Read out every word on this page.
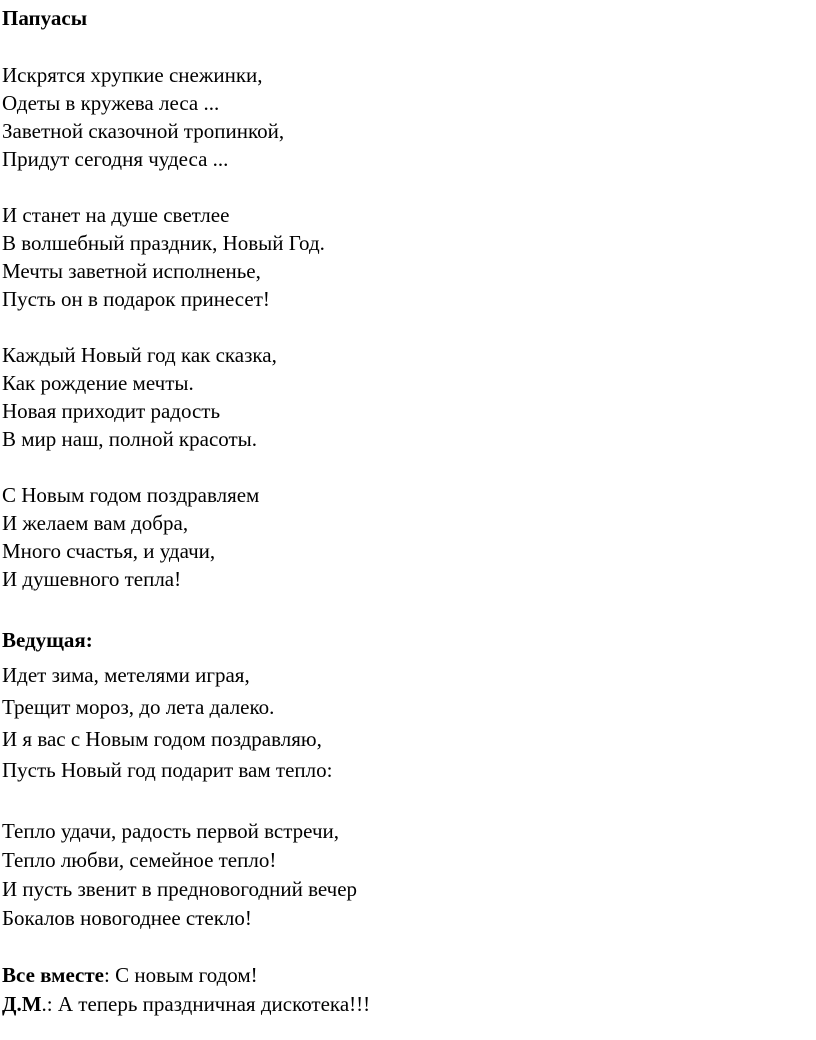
Папуасы
Искрятся хрупкие снежинки,
Одеты в кружева леса ...
Заветной сказочной тропинкой,
Придут сегодня чудеса ...
И станет на душе светлее
В волшебный праздник, Новый Год.
Мечты заветной исполненье,
Пусть он в подарок принесет!
Каждый Новый год как сказка,
Как рождение мечты.
Новая приходит радость
В мир наш, полной красоты.
С Новым годом поздравляем
И желаем вам добра,
Много счастья, и удачи,
И душевного тепла!
Ведущая:
Идет зима, метелями играя,
Трещит мороз, до лета далеко.
И я вас с Новым годом поздравляю,
Пусть Новый год подарит вам тепло:
Тепло удачи, радость первой встречи,
Тепло любви, семейное тепло!
И пусть звенит в предновогодний вечер
Бокалов новогоднее стекло!
Все вместе: С новым годом!
Д.М.: А теперь праздничная дискотека!!!
